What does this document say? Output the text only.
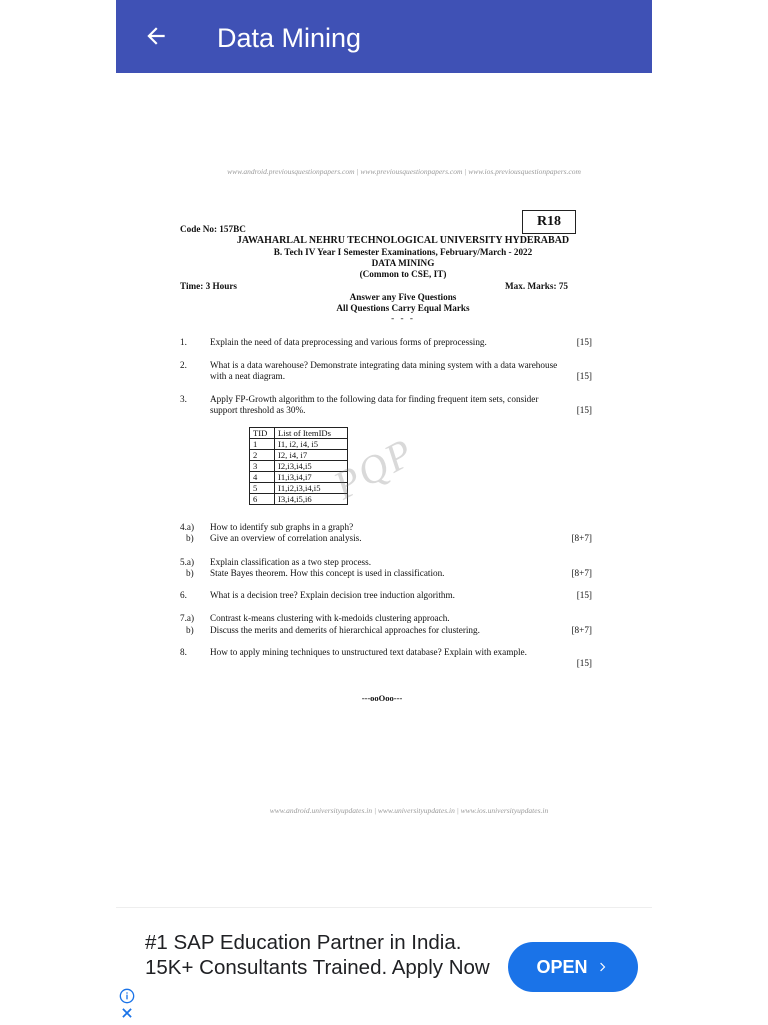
Data Mining
www.android.previousquestionpapers.com | www.previousquestionpapers.com | www.ios.previousquestionpapers.com
Code No: 157BC	R18
JAWAHARLAL NEHRU TECHNOLOGICAL UNIVERSITY HYDERABAD
B. Tech IV Year I Semester Examinations, February/March - 2022
DATA MINING
(Common to CSE, IT)
Time: 3 Hours	Max. Marks: 75
Answer any Five Questions
All Questions Carry Equal Marks
- - -
1.	Explain the need of data preprocessing and various forms of preprocessing.	[15]
2.	What is a data warehouse? Demonstrate integrating data mining system with a data warehouse with a neat diagram.	[15]
3.	Apply FP-Growth algorithm to the following data for finding frequent item sets, consider support threshold as 30%.	[15]
TID	List of ItemIDs
1	I1, i2, i4, i5
2	I2, i4, i7
3	I2,i3,i4,i5
4	I1,i3,i4,i7
5	I1,i2,i3,i4,i5
6	I3,i4,i5,i6 PQP
4.a) How to identify sub graphs in a graph?
b) Give an overview of correlation analysis.	[8+7]
5.a) Explain classification as a two step process.
b) State Bayes theorem. How this concept is used in classification.	[8+7]
6.	What is a decision tree? Explain decision tree induction algorithm.	[15]
7.a) Contrast k-means clustering with k-medoids clustering approach.
b) Discuss the merits and demerits of hierarchical approaches for clustering.	[8+7]
8.	How to apply mining techniques to unstructured text database? Explain with example.
[15]
---ooOoo---
www.android.universityupdates.in | www.universityupdates.in | www.ios.universityupdates.in
#1 SAP Education Partner in India. 15K+ Consultants Trained. Apply Now	OPEN
